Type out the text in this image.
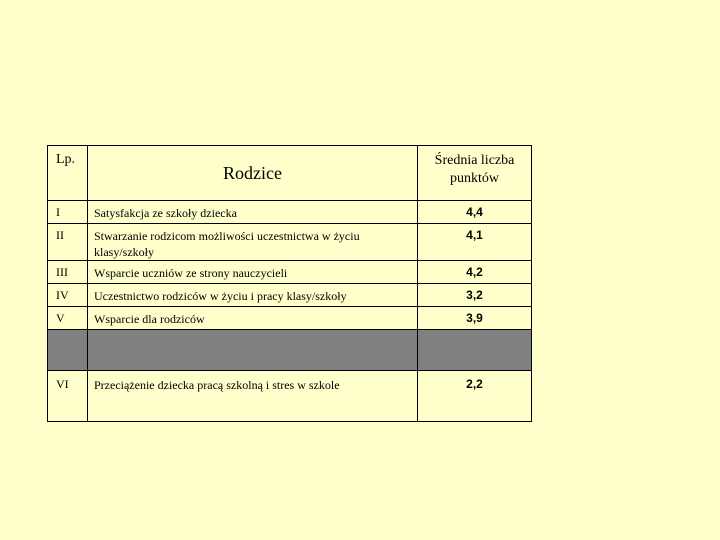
Lp.	Rodzice	Średnia liczba punktów
I	Satysfakcja ze szkoły dziecka	4,4
II	Stwarzanie rodzicom możliwości uczestnictwa w życiu klasy/szkoły	4,1
III	Wsparcie uczniów ze strony nauczycieli	4,2
IV	Uczestnictwo rodziców w życiu i pracy klasy/szkoły	3,2
V	Wsparcie dla rodziców	3,9

VI	Przeciążenie dziecka pracą szkolną i stres w szkole	2,2
